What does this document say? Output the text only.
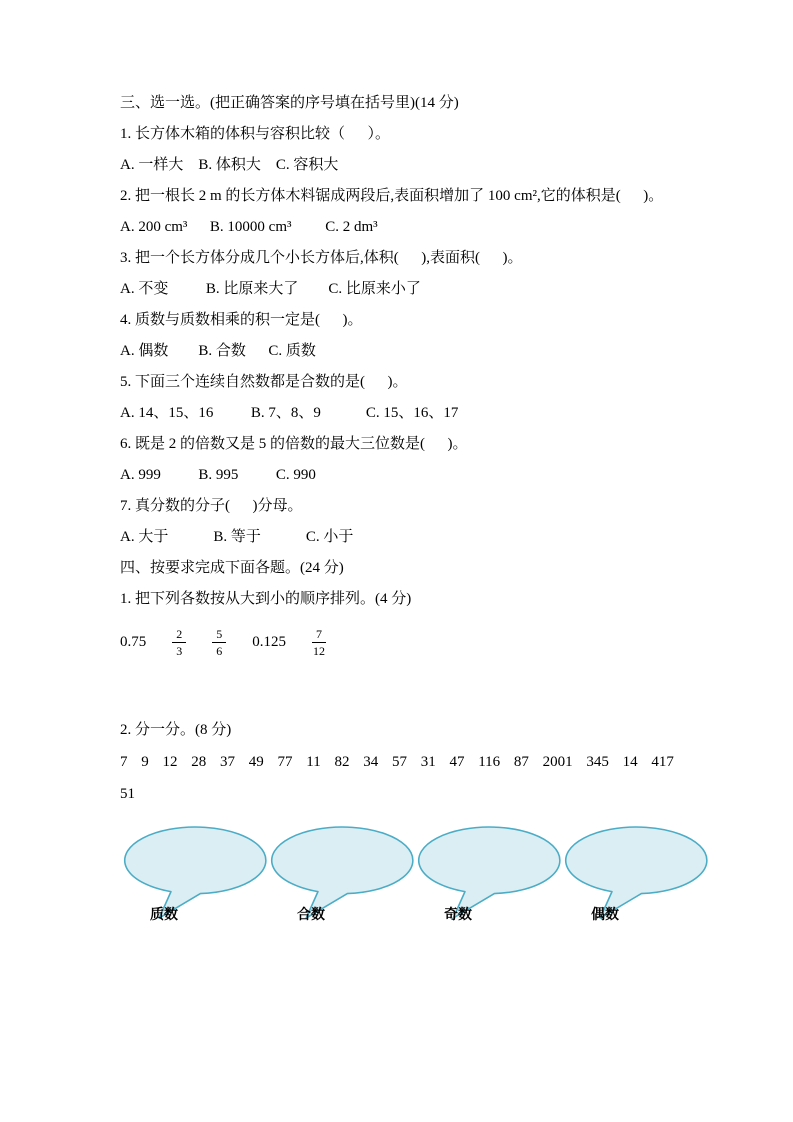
三、选一选。(把正确答案的序号填在括号里)(14 分)

1. 长方体木箱的体积与容积比较（      ）。

A. 一样大    B. 体积大    C. 容积大

2. 把一根长 2 m 的长方体木料锯成两段后,表面积增加了 100 cm²,它的体积是(      )。

A. 200 cm³      B. 10000 cm³         C. 2 dm³

3. 把一个长方体分成几个小长方体后,体积(      ),表面积(      )。

A. 不变          B. 比原来大了        C. 比原来小了

4. 质数与质数相乘的积一定是(      )。

A. 偶数        B. 合数      C. 质数

5. 下面三个连续自然数都是合数的是(      )。

A. 14、15、16          B. 7、8、9            C. 15、16、17

6. 既是 2 的倍数又是 5 的倍数的最大三位数是(      )。

A. 999          B. 995          C. 990

7. 真分数的分子(      )分母。

A. 大于            B. 等于            C. 小于

四、按要求完成下面各题。(24 分)

1. 把下列各数按从大到小的顺序排列。(4 分)

$0.75 \frac{2}{3} \frac{5}{6} 0.125 \frac{7}{12}$

2. 分一分。(8 分)

7 9 12 28 37 49 77 11 82 34 57 31 47 116 87 2001 345 14 417

51

质数	合数	奇数	偶数
